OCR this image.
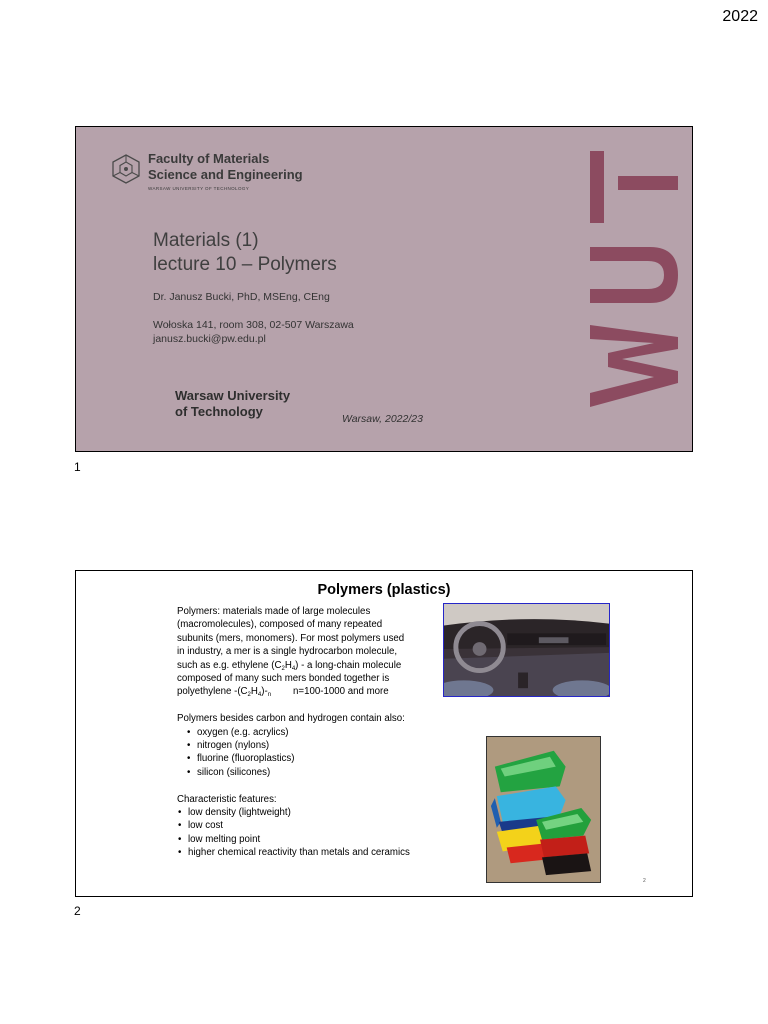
2022
Faculty of Materials
Science and Engineering
WARSAW UNIVERSITY OF TECHNOLOGY
Materials (1)
lecture 10 – Polymers
Dr. Janusz Bucki, PhD, MSEng, CEng
Wołoska 141, room 308, 02-507 Warszawa
janusz.bucki@pw.edu.pl
Warsaw University
of Technology	Warsaw, 2022/23
1
Polymers (plastics)

Polymers: materials made of large molecules

(macromolecules), composed of many repeated

subunits (mers, monomers). For most polymers used

in industry, a mer is a single hydrocarbon molecule,

such as e.g. ethylene $(C_2H_4)$ - a long-chain molecule

composed of many such mers bonded together is

polyethylene $-(C_2H_4)-_n$ n=100-1000 and more

Polymers besides carbon and hydrogen contain also:

• oxygen (e.g. acrylics)
• nitrogen (nylons)
• fluorine (fluoroplastics)
• silicon (silicones)

Characteristic features:

• low density (lightweight)
• low cost
• low melting point
• higher chemical reactivity than metals and ceramics
2
2
